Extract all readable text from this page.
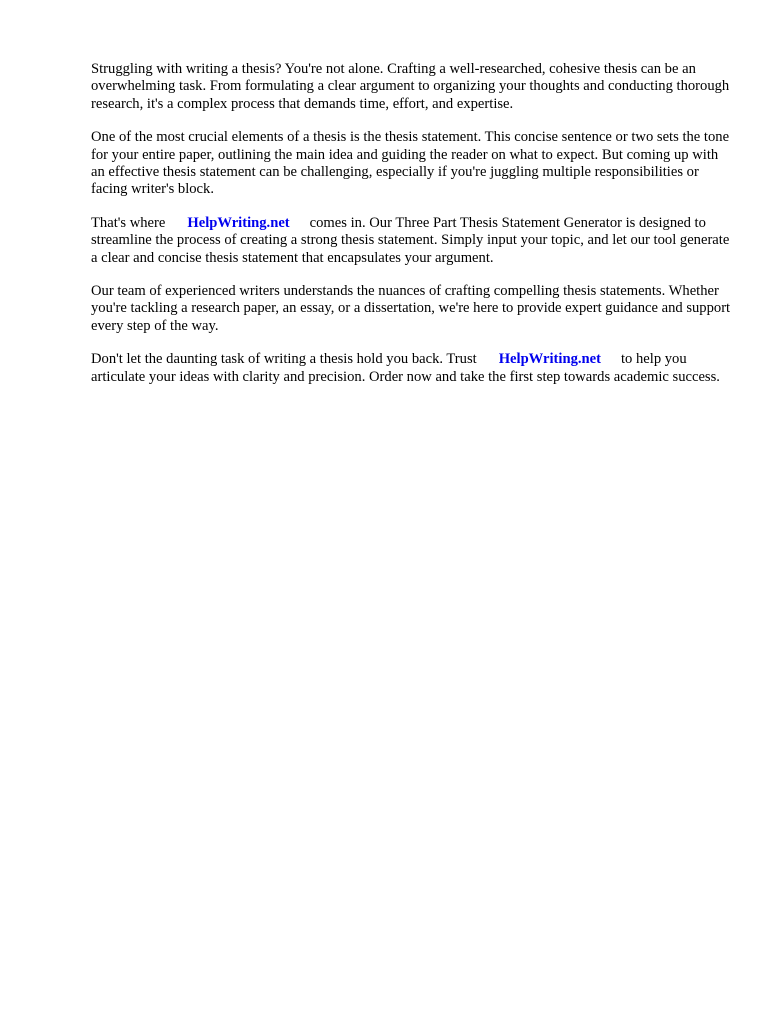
Struggling with writing a thesis? You're not alone. Crafting a well-researched, cohesive thesis can be an overwhelming task. From formulating a clear argument to organizing your thoughts and conducting thorough research, it's a complex process that demands time, effort, and expertise.

One of the most crucial elements of a thesis is the thesis statement. This concise sentence or two sets the tone for your entire paper, outlining the main idea and guiding the reader on what to expect. But coming up with an effective thesis statement can be challenging, especially if you're juggling multiple responsibilities or facing writer's block.

That's where HelpWriting.net comes in. Our Three Part Thesis Statement Generator is designed to streamline the process of creating a strong thesis statement. Simply input your topic, and let our tool generate a clear and concise thesis statement that encapsulates your argument.

Our team of experienced writers understands the nuances of crafting compelling thesis statements. Whether you're tackling a research paper, an essay, or a dissertation, we're here to provide expert guidance and support every step of the way.

Don't let the daunting task of writing a thesis hold you back. Trust HelpWriting.net to help you articulate your ideas with clarity and precision. Order now and take the first step towards academic success.
